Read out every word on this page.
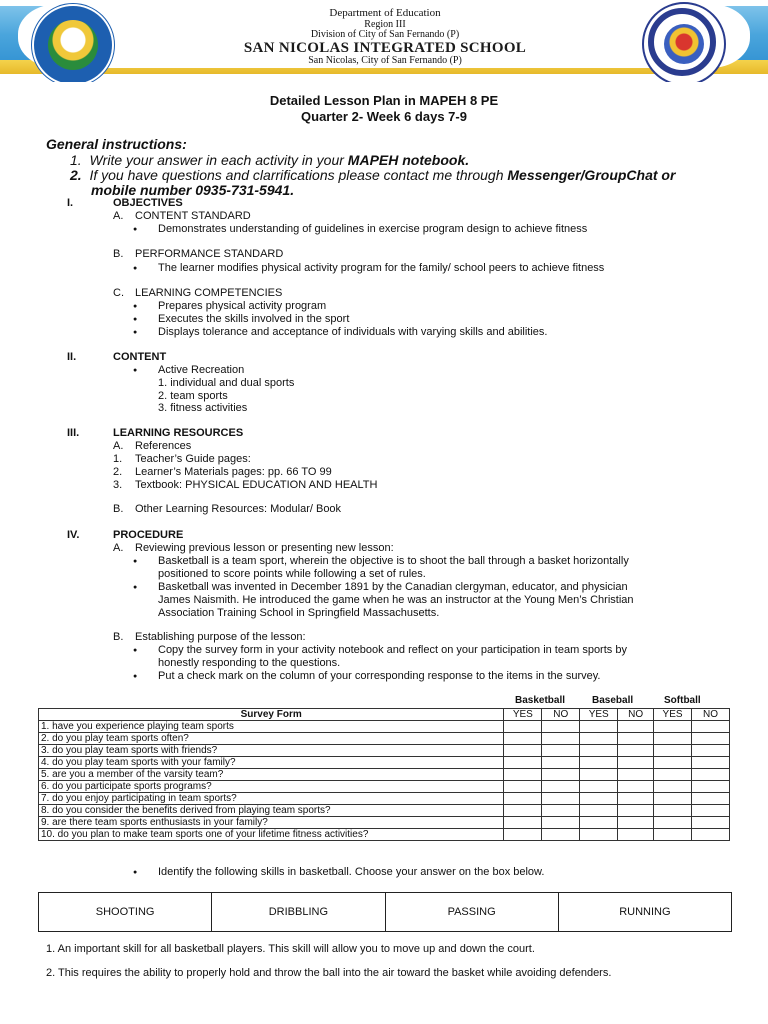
Department of Education
Region III
Division of City of San Fernando (P)
SAN NICOLAS INTEGRATED SCHOOL
San Nicolas, City of San Fernando (P)
Detailed Lesson Plan in MAPEH 8 PE
Quarter 2- Week 6 days 7-9
General instructions:
1. Write your answer in each activity in your MAPEH notebook.
2. If you have questions and clarrifications please contact me through Messenger/GroupChat or
mobile number 0935-731-5941.
I.	OBJECTIVES
A. CONTENT STANDARD
● Demonstrates understanding of guidelines in exercise program design to achieve fitness
B. PERFORMANCE STANDARD
● The learner modifies physical activity program for the family/ school peers to achieve fitness
C. LEARNING COMPETENCIES
● Prepares physical activity program
● Executes the skills involved in the sport
● Displays tolerance and acceptance of individuals with varying skills and abilities.
II.	CONTENT
● Active Recreation
1. individual and dual sports
2. team sports
3. fitness activities
III.	LEARNING RESOURCES
A. References
1. Teacher’s Guide pages:
2. Learner’s Materials pages: pp. 66 TO 99
3. Textbook: PHYSICAL EDUCATION AND HEALTH
B. Other Learning Resources: Modular/ Book
IV.	PROCEDURE
A. Reviewing previous lesson or presenting new lesson:
● Basketball is a team sport, wherein the objective is to shoot the ball through a basket horizontally
positioned to score points while following a set of rules.
● Basketball was invented in December 1891 by the Canadian clergyman, educator, and physician
James Naismith. He introduced the game when he was an instructor at the Young Men’s Christian
Association Training School in Springfield Massachusetts.
B. Establishing purpose of the lesson:
● Copy the survey form in your activity notebook and reflect on your participation in team sports by
honestly responding to the questions.
● Put a check mark on the column of your corresponding response to the items in the survey.
Basketball	Baseball	Softball
Survey Form	YES	NO	YES	NO	YES	NO
1. have you experience playing team sports						
2. do you play team sports often?						
3. do you play team sports with friends?						
4. do you play team sports with your family?						
5. are you a member of the varsity team?						
6. do you participate sports programs?						
7. do you enjoy participating in team sports?						
8. do you consider the benefits derived from playing team sports?						
9. are there team sports enthusiasts in your family?						
10. do you plan to make team sports one of your lifetime fitness activities?						
● Identify the following skills in basketball. Choose your answer on the box below.
SHOOTING	DRIBBLING	PASSING	RUNNING
1. An important skill for all basketball players. This skill will allow you to move up and down the court.
2. This requires the ability to properly hold and throw the ball into the air toward the basket while avoiding defenders.
